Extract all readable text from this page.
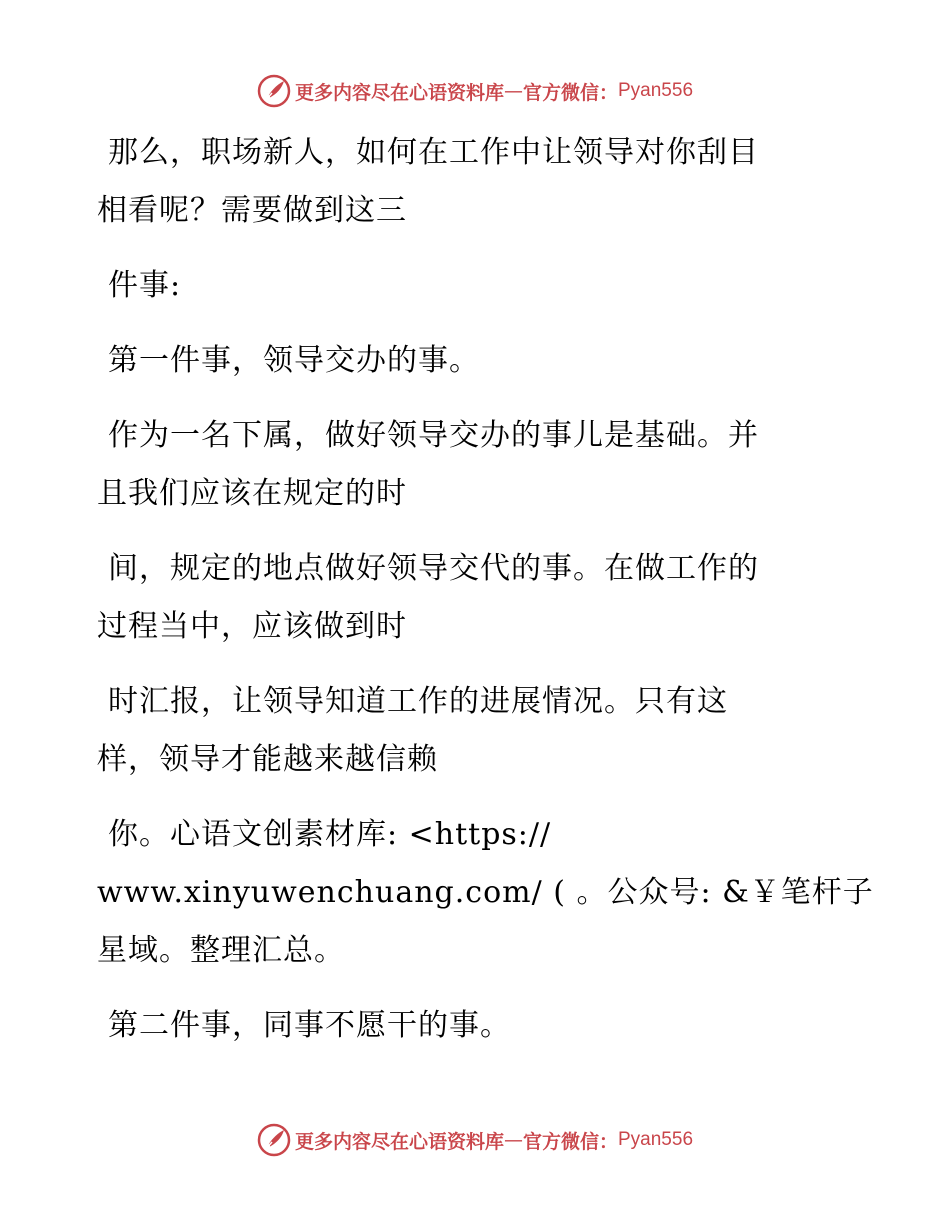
更多内容尽在心语资料库 — 官方微信： Pyan556
那么，职场新人，如何在工作中让领导对你刮目
相看呢？需要做到这三
件事:
第一件事，领导交办的事。
作为一名下属，做好领导交办的事儿是基础。并
且我们应该在规定的时
间，规定的地点做好领导交代的事。在做工作的
过程当中，应该做到时
时汇报，让领导知道工作的进展情况。只有这
样，领导才能越来越信赖
你。心语文创素材库: <https://
www.xinyuwenchuang.com/ ( 。公众号: &￥笔杆子
星域。整理汇总。
第二件事，同事不愿干的事。
更多内容尽在心语资料库 — 官方微信： Pyan556
